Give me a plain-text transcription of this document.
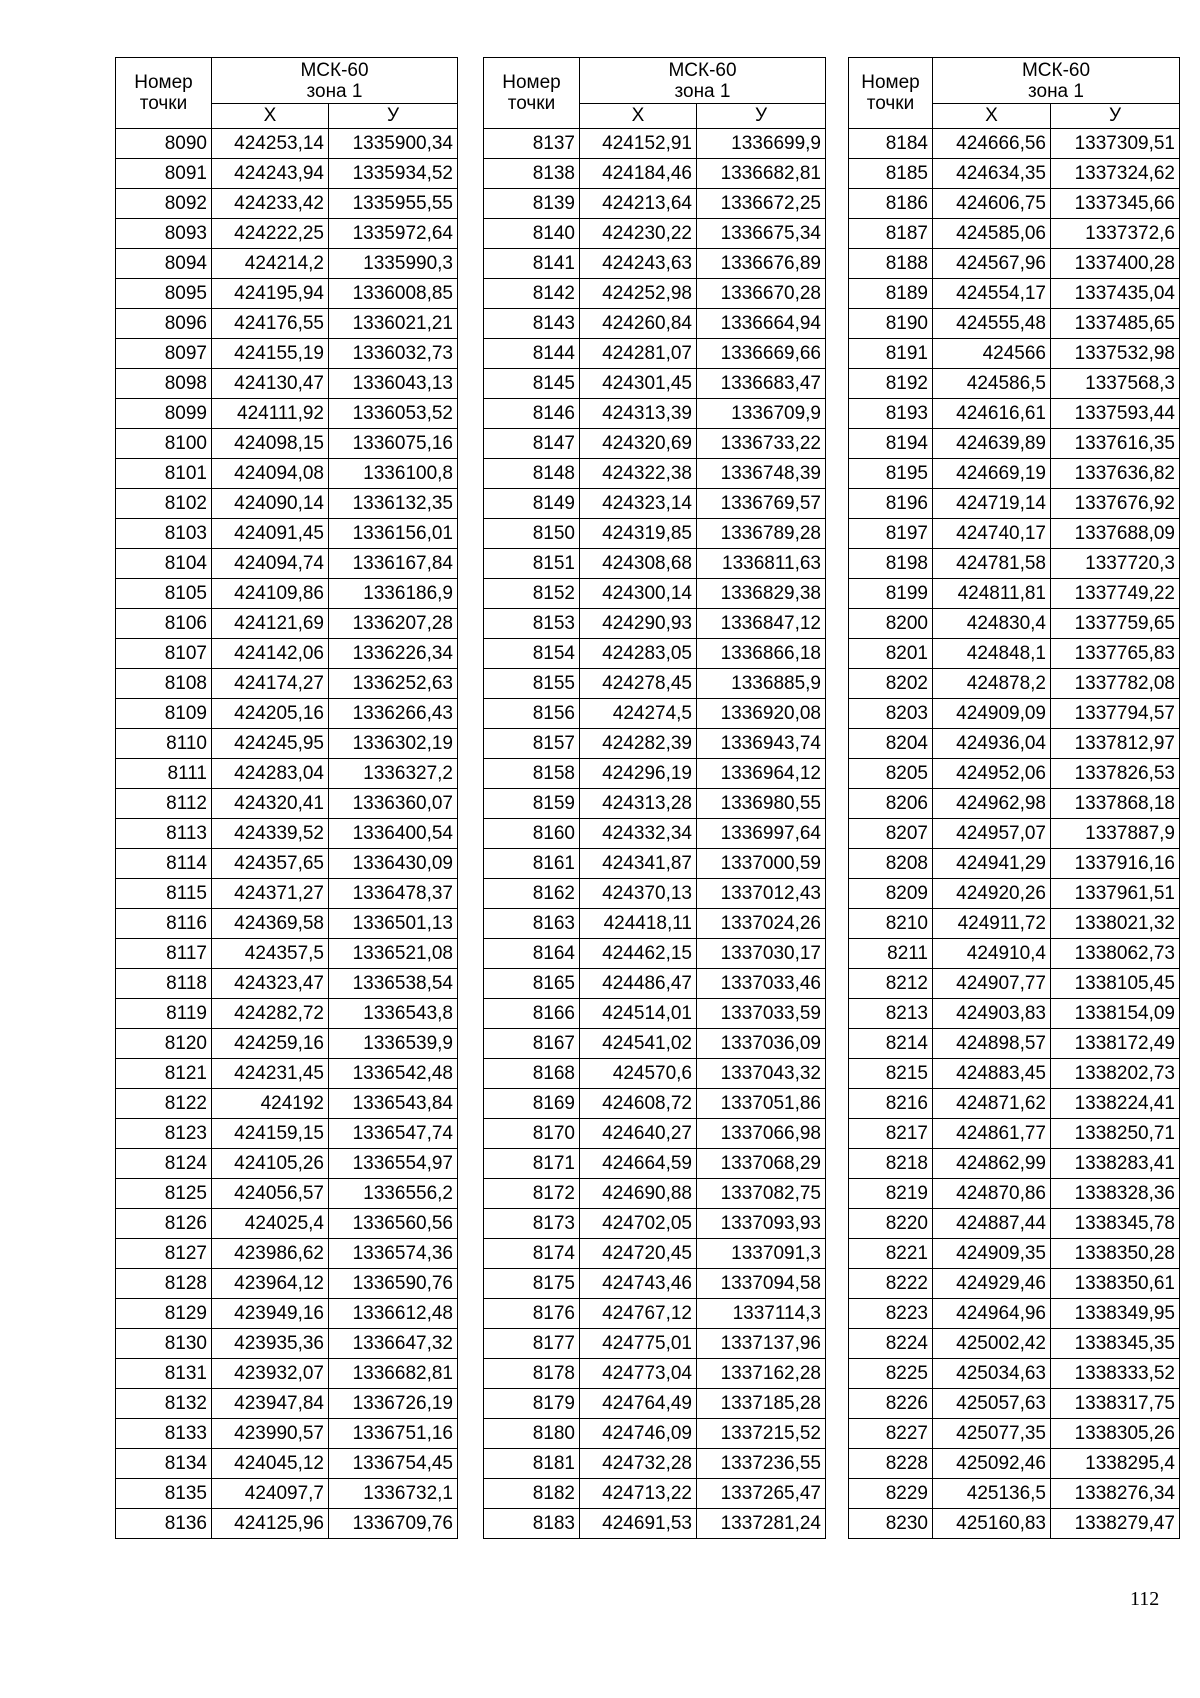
Номер
точки	МСК-60
зона 1	
	Х	У
8090	424253,14	1335900,34
8091	424243,94	1335934,52
8092	424233,42	1335955,55
8093	424222,25	1335972,64
8094	424214,2	1335990,3
8095	424195,94	1336008,85
8096	424176,55	1336021,21
8097	424155,19	1336032,73
8098	424130,47	1336043,13
8099	424111,92	1336053,52
8100	424098,15	1336075,16
8101	424094,08	1336100,8
8102	424090,14	1336132,35
8103	424091,45	1336156,01
8104	424094,74	1336167,84
8105	424109,86	1336186,9
8106	424121,69	1336207,28
8107	424142,06	1336226,34
8108	424174,27	1336252,63
8109	424205,16	1336266,43
8110	424245,95	1336302,19
8111	424283,04	1336327,2
8112	424320,41	1336360,07
8113	424339,52	1336400,54
8114	424357,65	1336430,09
8115	424371,27	1336478,37
8116	424369,58	1336501,13
8117	424357,5	1336521,08
8118	424323,47	1336538,54
8119	424282,72	1336543,8
8120	424259,16	1336539,9
8121	424231,45	1336542,48
8122	424192	1336543,84
8123	424159,15	1336547,74
8124	424105,26	1336554,97
8125	424056,57	1336556,2
8126	424025,4	1336560,56
8127	423986,62	1336574,36
8128	423964,12	1336590,76
8129	423949,16	1336612,48
8130	423935,36	1336647,32
8131	423932,07	1336682,81
8132	423947,84	1336726,19
8133	423990,57	1336751,16
8134	424045,12	1336754,45
8135	424097,7	1336732,1
8136	424125,96	1336709,76
Номер
точки	МСК-60
зона 1	
	Х	У
8137	424152,91	1336699,9
8138	424184,46	1336682,81
8139	424213,64	1336672,25
8140	424230,22	1336675,34
8141	424243,63	1336676,89
8142	424252,98	1336670,28
8143	424260,84	1336664,94
8144	424281,07	1336669,66
8145	424301,45	1336683,47
8146	424313,39	1336709,9
8147	424320,69	1336733,22
8148	424322,38	1336748,39
8149	424323,14	1336769,57
8150	424319,85	1336789,28
8151	424308,68	1336811,63
8152	424300,14	1336829,38
8153	424290,93	1336847,12
8154	424283,05	1336866,18
8155	424278,45	1336885,9
8156	424274,5	1336920,08
8157	424282,39	1336943,74
8158	424296,19	1336964,12
8159	424313,28	1336980,55
8160	424332,34	1336997,64
8161	424341,87	1337000,59
8162	424370,13	1337012,43
8163	424418,11	1337024,26
8164	424462,15	1337030,17
8165	424486,47	1337033,46
8166	424514,01	1337033,59
8167	424541,02	1337036,09
8168	424570,6	1337043,32
8169	424608,72	1337051,86
8170	424640,27	1337066,98
8171	424664,59	1337068,29
8172	424690,88	1337082,75
8173	424702,05	1337093,93
8174	424720,45	1337091,3
8175	424743,46	1337094,58
8176	424767,12	1337114,3
8177	424775,01	1337137,96
8178	424773,04	1337162,28
8179	424764,49	1337185,28
8180	424746,09	1337215,52
8181	424732,28	1337236,55
8182	424713,22	1337265,47
8183	424691,53	1337281,24
Номер
точки	МСК-60
зона 1	
	Х	У
8184	424666,56	1337309,51
8185	424634,35	1337324,62
8186	424606,75	1337345,66
8187	424585,06	1337372,6
8188	424567,96	1337400,28
8189	424554,17	1337435,04
8190	424555,48	1337485,65
8191	424566	1337532,98
8192	424586,5	1337568,3
8193	424616,61	1337593,44
8194	424639,89	1337616,35
8195	424669,19	1337636,82
8196	424719,14	1337676,92
8197	424740,17	1337688,09
8198	424781,58	1337720,3
8199	424811,81	1337749,22
8200	424830,4	1337759,65
8201	424848,1	1337765,83
8202	424878,2	1337782,08
8203	424909,09	1337794,57
8204	424936,04	1337812,97
8205	424952,06	1337826,53
8206	424962,98	1337868,18
8207	424957,07	1337887,9
8208	424941,29	1337916,16
8209	424920,26	1337961,51
8210	424911,72	1338021,32
8211	424910,4	1338062,73
8212	424907,77	1338105,45
8213	424903,83	1338154,09
8214	424898,57	1338172,49
8215	424883,45	1338202,73
8216	424871,62	1338224,41
8217	424861,77	1338250,71
8218	424862,99	1338283,41
8219	424870,86	1338328,36
8220	424887,44	1338345,78
8221	424909,35	1338350,28
8222	424929,46	1338350,61
8223	424964,96	1338349,95
8224	425002,42	1338345,35
8225	425034,63	1338333,52
8226	425057,63	1338317,75
8227	425077,35	1338305,26
8228	425092,46	1338295,4
8229	425136,5	1338276,34
8230	425160,83	1338279,47
112
